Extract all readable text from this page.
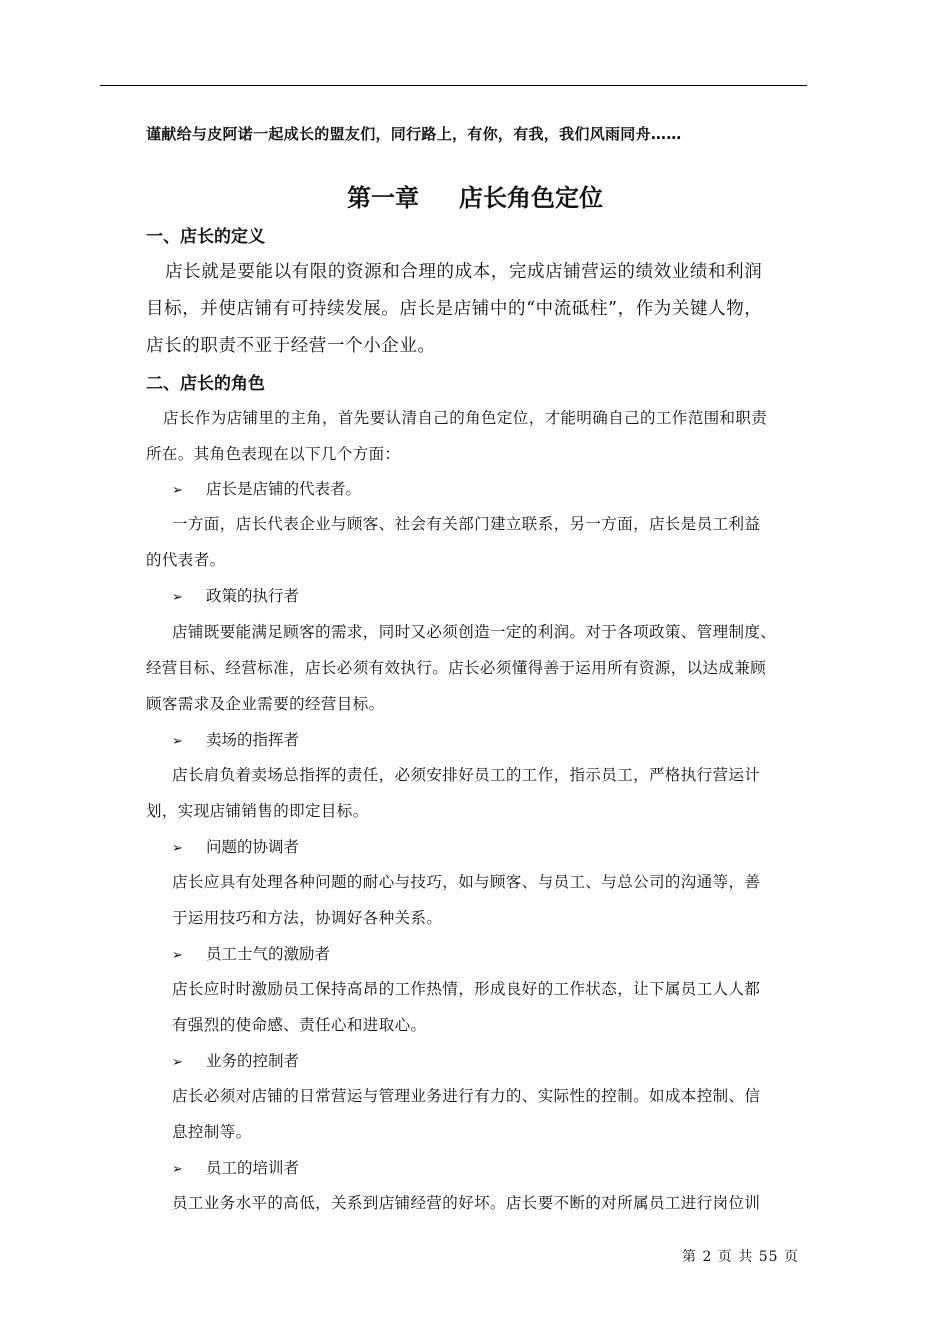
谨献给与皮阿诺一起成长的盟友们，同行路上，有你，有我，我们风雨同舟……
第一章 店长角色定位
一、店长的定义
店长就是要能以有限的资源和合理的成本，完成店铺营运的绩效业绩和利润
目标，并使店铺有可持续发展。店长是店铺中的“中流砥柱”，作为关键人物，
店长的职责不亚于经营一个小企业。
二、店长的角色
店长作为店铺里的主角，首先要认清自己的角色定位，才能明确自己的工作范围和职责
所在。其角色表现在以下几个方面：
➢ 店长是店铺的代表者。
一方面，店长代表企业与顾客、社会有关部门建立联系，另一方面，店长是员工利益
的代表者。
➢ 政策的执行者
店铺既要能满足顾客的需求，同时又必须创造一定的利润。对于各项政策、管理制度、
经营目标、经营标准，店长必须有效执行。店长必须懂得善于运用所有资源，以达成兼顾
顾客需求及企业需要的经营目标。
➢ 卖场的指挥者
店长肩负着卖场总指挥的责任，必须安排好员工的工作，指示员工，严格执行营运计
划，实现店铺销售的即定目标。
➢ 问题的协调者
店长应具有处理各种问题的耐心与技巧，如与顾客、与员工、与总公司的沟通等，善
于运用技巧和方法，协调好各种关系。
➢ 员工士气的激励者
店长应时时激励员工保持高昂的工作热情，形成良好的工作状态，让下属员工人人都
有强烈的使命感、责任心和进取心。
➢ 业务的控制者
店长必须对店铺的日常营运与管理业务进行有力的、实际性的控制。如成本控制、信
息控制等。
➢ 员工的培训者
员工业务水平的高低，关系到店铺经营的好坏。店长要不断的对所属员工进行岗位训
第 2 页 共 55 页
